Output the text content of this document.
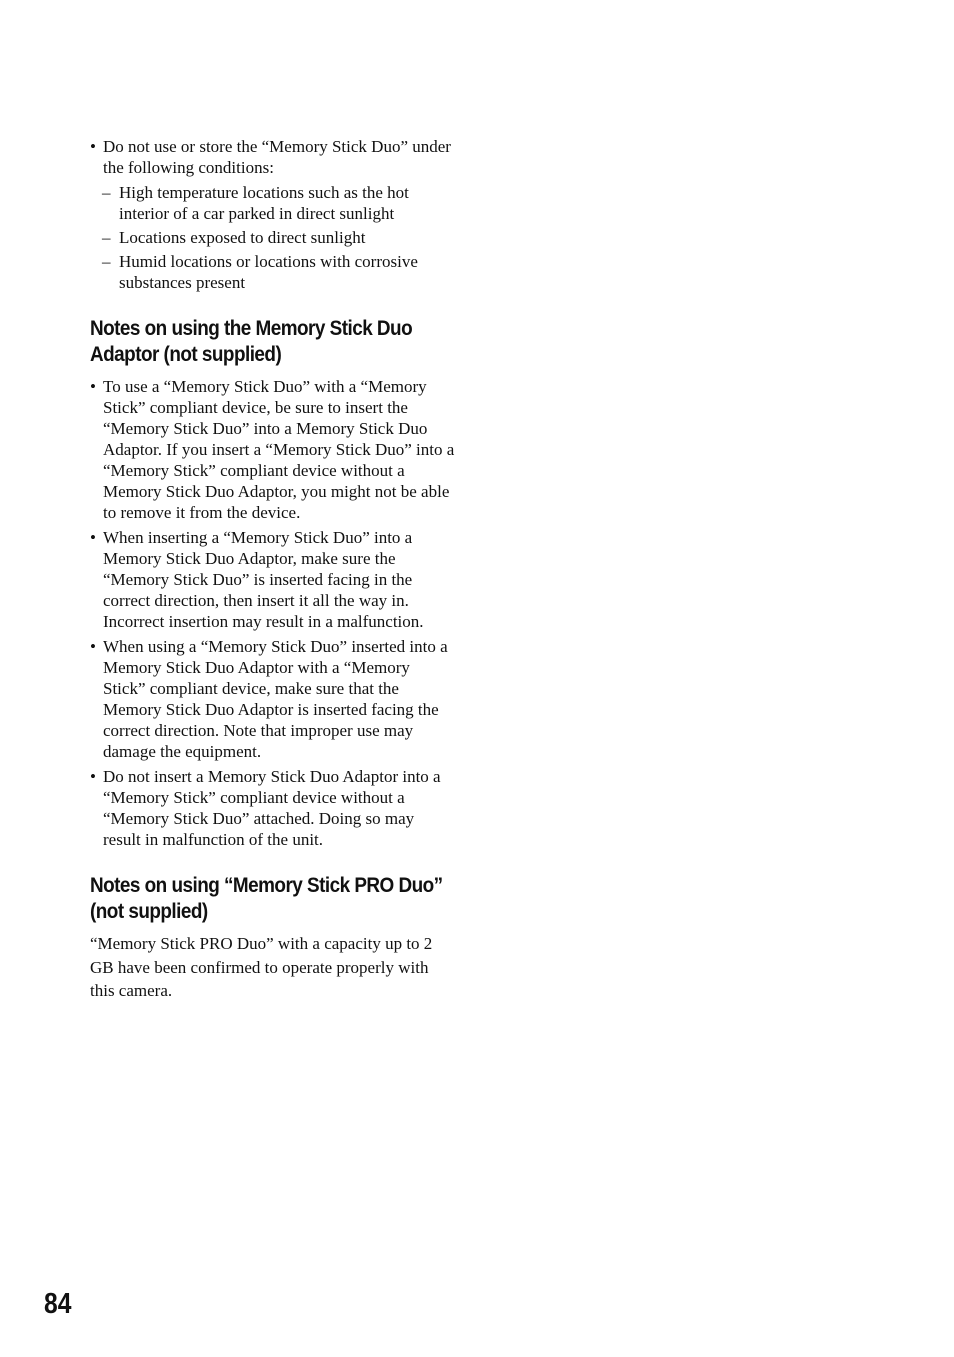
• Do not use or store the “Memory Stick Duo” under the following conditions:
– High temperature locations such as the hot interior of a car parked in direct sunlight
– Locations exposed to direct sunlight
– Humid locations or locations with corrosive substances present
Notes on using the Memory Stick Duo Adaptor (not supplied)
• To use a “Memory Stick Duo” with a “Memory Stick” compliant device, be sure to insert the “Memory Stick Duo” into a Memory Stick Duo Adaptor. If you insert a “Memory Stick Duo” into a “Memory Stick” compliant device without a Memory Stick Duo Adaptor, you might not be able to remove it from the device.
• When inserting a “Memory Stick Duo” into a Memory Stick Duo Adaptor, make sure the “Memory Stick Duo” is inserted facing in the correct direction, then insert it all the way in. Incorrect insertion may result in a malfunction.
• When using a “Memory Stick Duo” inserted into a Memory Stick Duo Adaptor with a “Memory Stick” compliant device, make sure that the Memory Stick Duo Adaptor is inserted facing the correct direction. Note that improper use may damage the equipment.
• Do not insert a Memory Stick Duo Adaptor into a “Memory Stick” compliant device without a “Memory Stick Duo” attached. Doing so may result in malfunction of the unit.
Notes on using “Memory Stick PRO Duo” (not supplied)
“Memory Stick PRO Duo” with a capacity up to 2 GB have been confirmed to operate properly with this camera.
84
